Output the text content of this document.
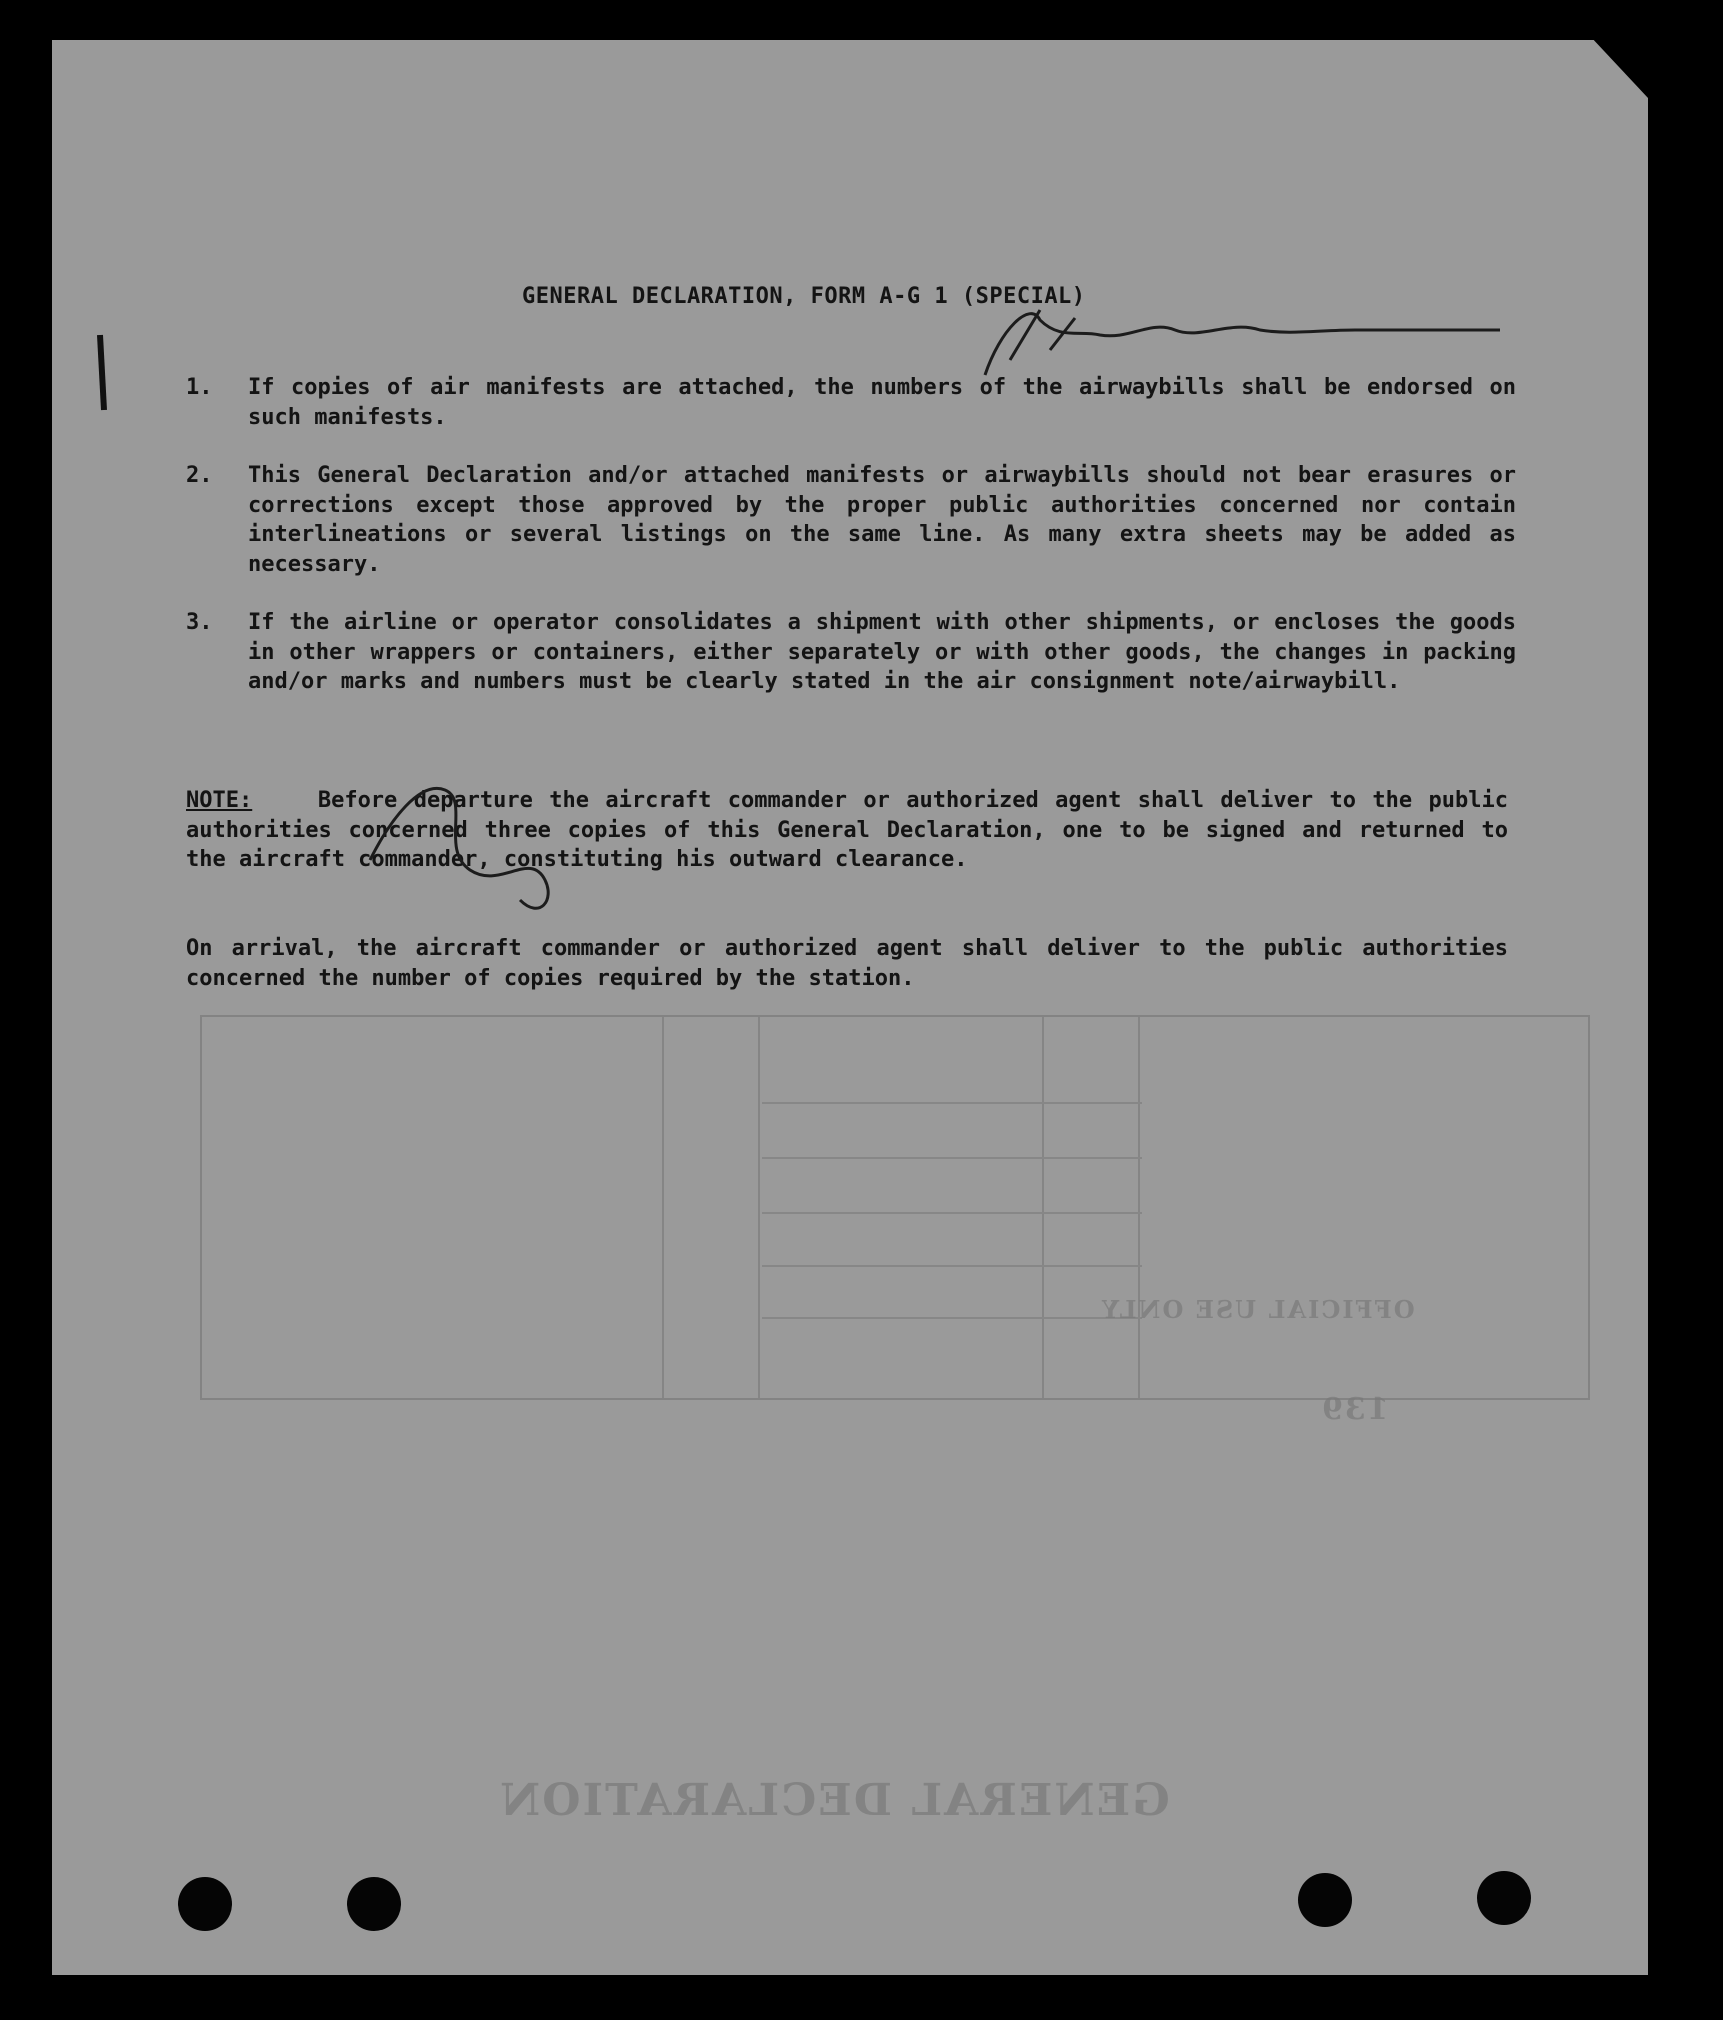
139
OFFICIAL USE ONLY
GENERAL DECLARATION
GENERAL DECLARATION, FORM A-G 1 (SPECIAL)
1. If copies of air manifests are attached, the numbers of the airwaybills shall be endorsed on such manifests.
2. This General Declaration and/or attached manifests or airwaybills should not bear erasures or corrections except those approved by the proper public authorities concerned nor contain interlineations or several listings on the same line. As many extra sheets may be added as necessary.
3. If the airline or operator consolidates a shipment with other shipments, or encloses the goods in other wrappers or containers, either separately or with other goods, the changes in packing and/or marks and numbers must be clearly stated in the air consignment note/airwaybill.
NOTE:	Before departure the aircraft commander or authorized agent shall deliver to the public authorities concerned three copies of this General Declaration, one to be signed and returned to the aircraft commander, constituting his outward clearance.
On arrival, the aircraft commander or authorized agent shall deliver to the public authorities concerned the number of copies required by the station.
